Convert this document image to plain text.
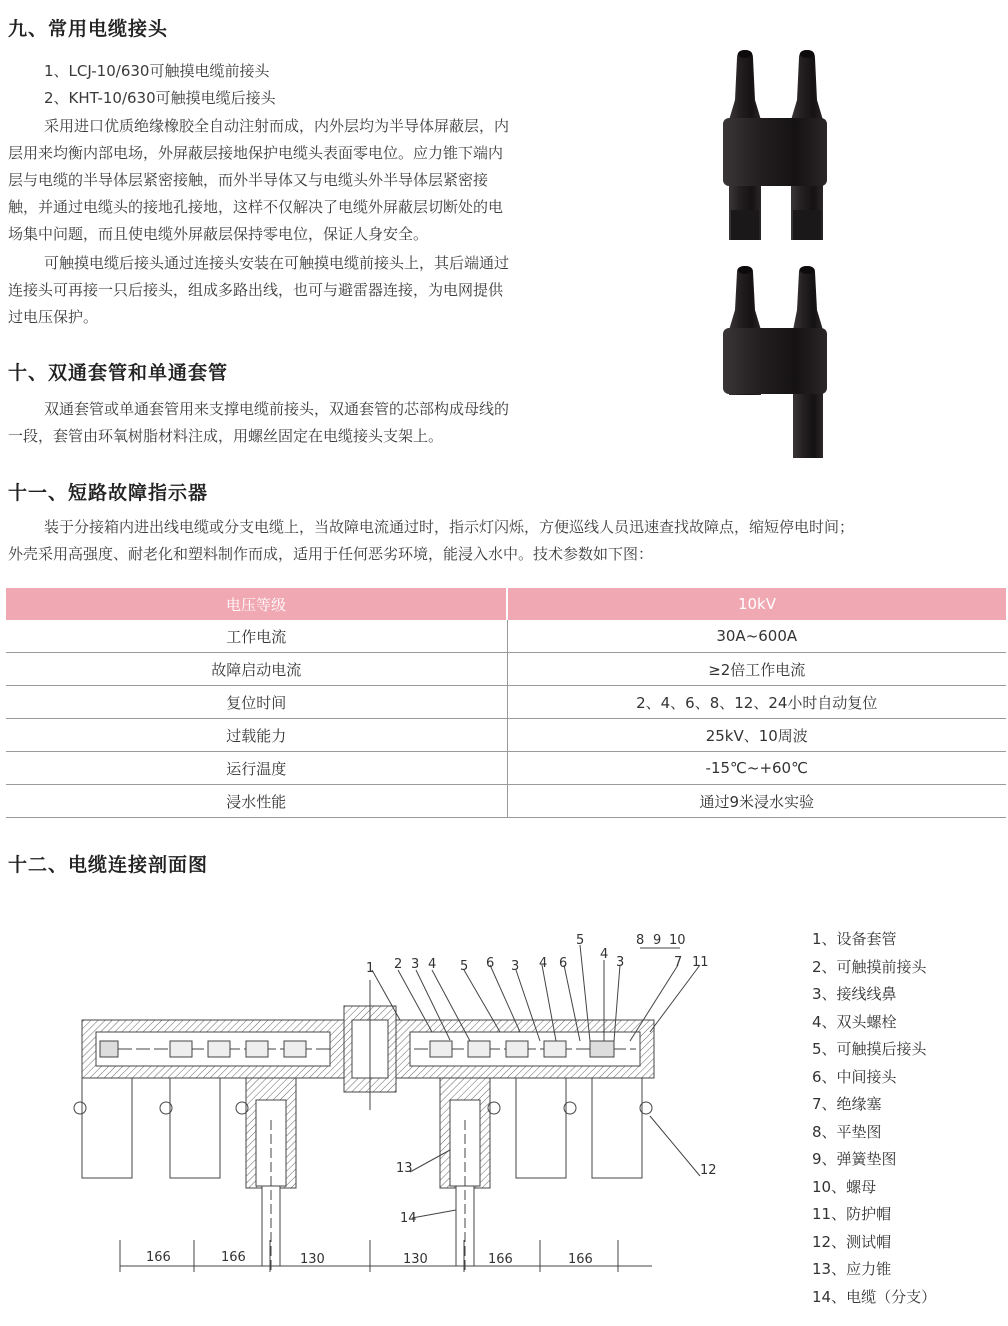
九、常用电缆接头
1、LCJ-10/630可触摸电缆前接头
2、KHT-10/630可触摸电缆后接头
采用进口优质绝缘橡胶全自动注射而成，内外层均为半导体屏蔽层，内
层用来均衡内部电场，外屏蔽层接地保护电缆头表面零电位。应力锥下端内
层与电缆的半导体层紧密接触，而外半导体又与电缆头外半导体层紧密接
触，并通过电缆头的接地孔接地，这样不仅解决了电缆外屏蔽层切断处的电
场集中问题，而且使电缆外屏蔽层保持零电位，保证人身安全。
可触摸电缆后接头通过连接头安装在可触摸电缆前接头上，其后端通过
连接头可再接一只后接头，组成多路出线，也可与避雷器连接，为电网提供
过电压保护。
十、双通套管和单通套管
双通套管或单通套管用来支撑电缆前接头，双通套管的芯部构成母线的
一段，套管由环氧树脂材料注成，用螺丝固定在电缆接头支架上。
十一、短路故障指示器
装于分接箱内进出线电缆或分支电缆上，当故障电流通过时，指示灯闪烁，方便巡线人员迅速查找故障点，缩短停电时间；
外壳采用高强度、耐老化和塑料制作而成，适用于任何恶劣环境，能浸入水中。技术参数如下图：
电压等级	10kV
工作电流	30A~600A
故障启动电流	≥2倍工作电流
复位时间	2、4、6、8、12、24小时自动复位
过载能力	25kV、10周波
运行温度	-15℃~+60℃
浸水性能	通过9米浸水实验
十二、电缆连接剖面图
1 2 3 4 5 6 3 4 6
5
4
3
8 9 10
7 11
12
13
14
166	166	130	130	166	166
1、设备套管
2、可触摸前接头
3、接线线鼻
4、双头螺栓
5、可触摸后接头
6、中间接头
7、绝缘塞
8、平垫图
9、弹簧垫图
10、螺母
11、防护帽
12、测试帽
13、应力锥
14、电缆（分支）
